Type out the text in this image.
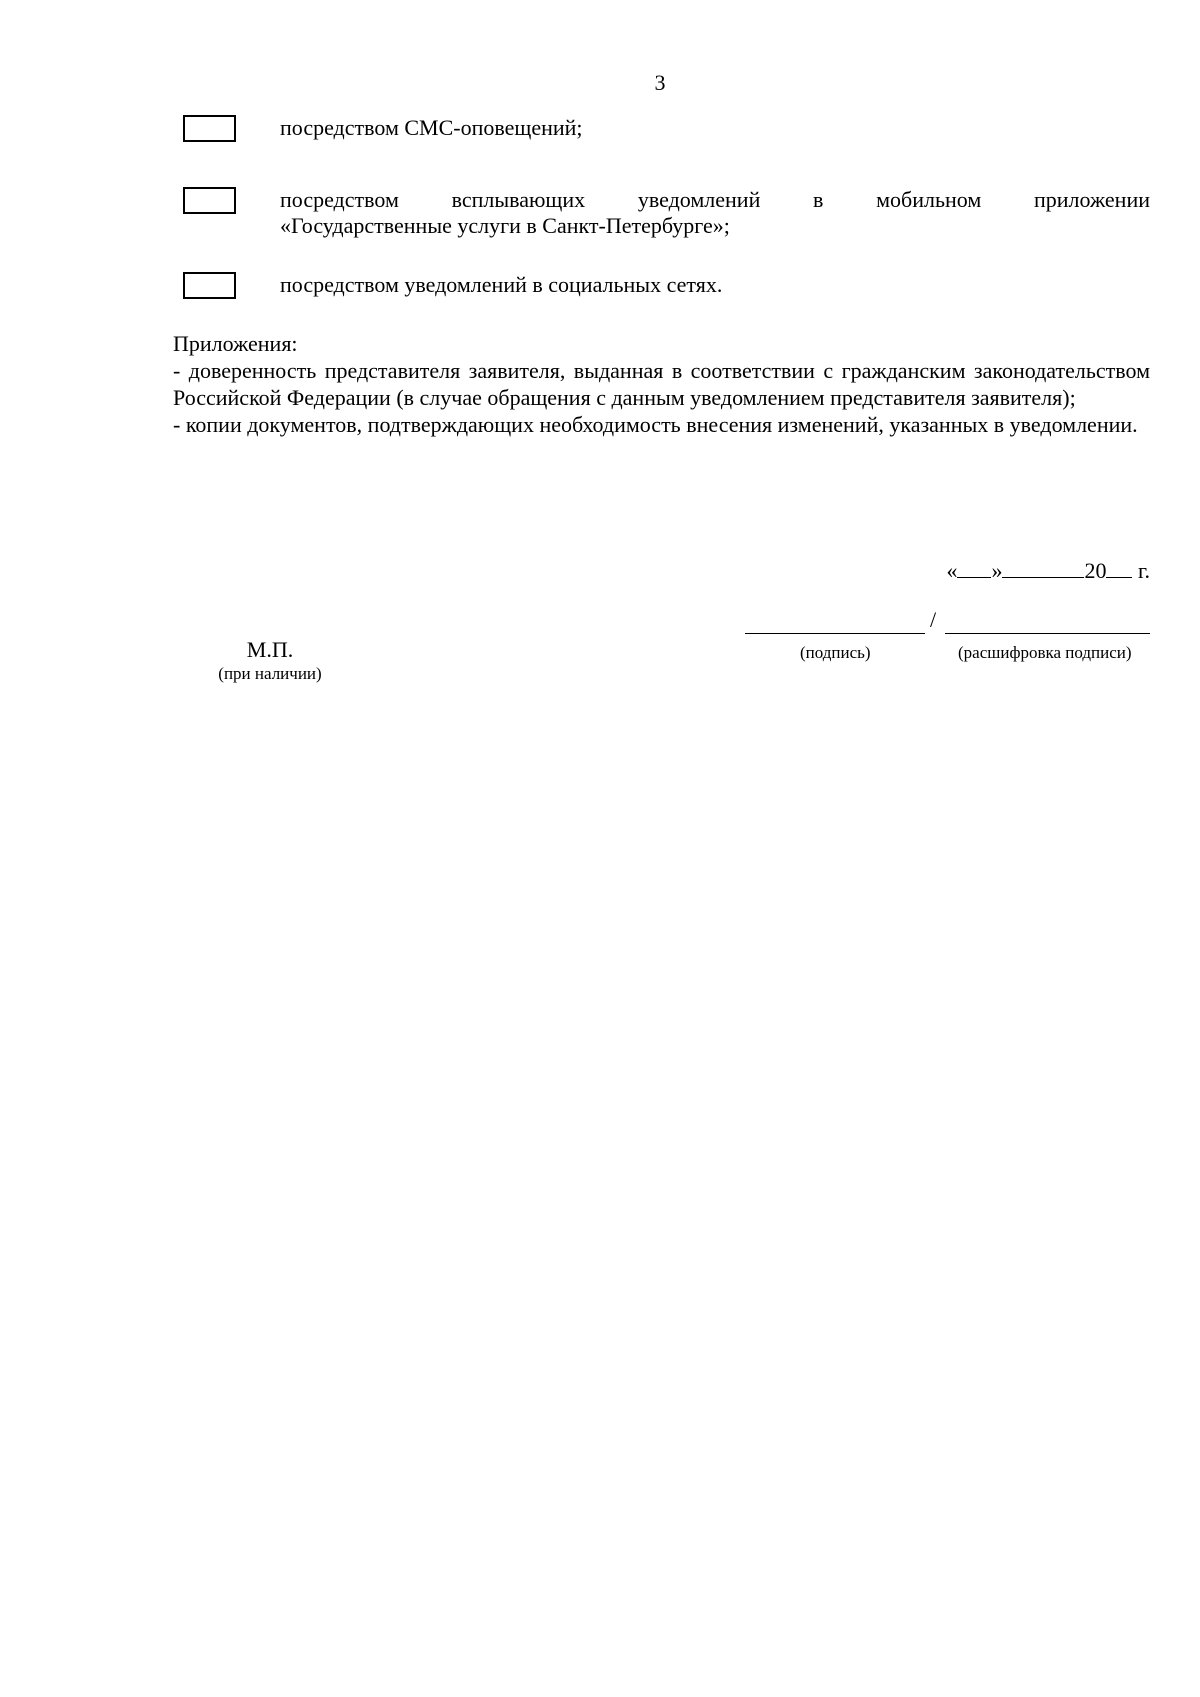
3
посредством СМС-оповещений;
посредством всплывающих уведомлений в мобильном приложении
«Государственные услуги в Санкт-Петербурге»;
посредством уведомлений в социальных сетях.
Приложения:

- доверенность представителя заявителя, выданная в соответствии с гражданским законодательством Российской Федерации (в случае обращения с данным уведомлением представителя заявителя);

- копии документов, подтверждающих необходимость внесения изменений, указанных в уведомлении.

« »	20 г.
/
(подпись)	(расшифровка подписи)
М.П.
(при наличии)
